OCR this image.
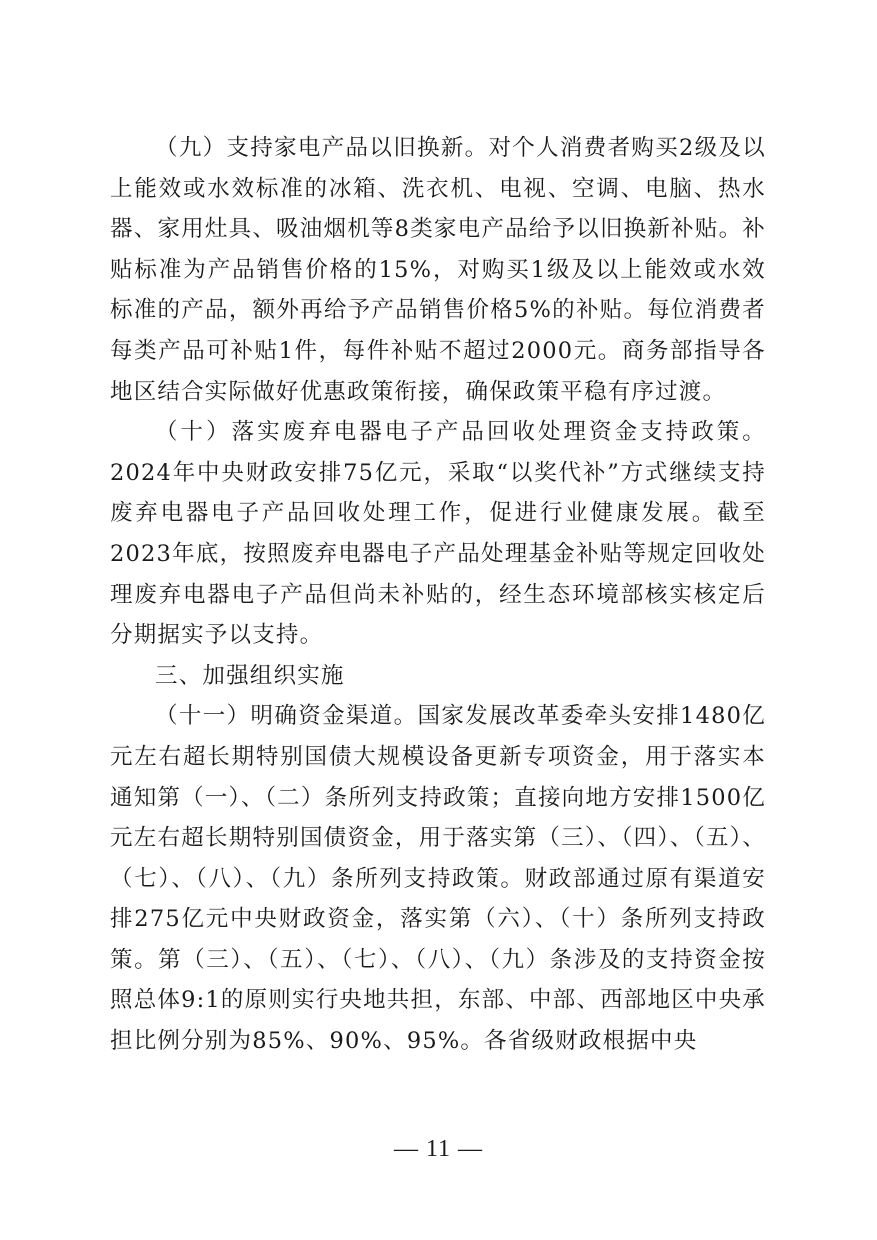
（九）支持家电产品以旧换新。对个人消费者购买2级及以上能效或水效标准的冰箱、洗衣机、电视、空调、电脑、热水器、家用灶具、吸油烟机等8类家电产品给予以旧换新补贴。补贴标准为产品销售价格的15%，对购买1级及以上能效或水效标准的产品，额外再给予产品销售价格5%的补贴。每位消费者每类产品可补贴1件，每件补贴不超过2000元。商务部指导各地区结合实际做好优惠政策衔接，确保政策平稳有序过渡。

（十）落实废弃电器电子产品回收处理资金支持政策。2024年中央财政安排75亿元，采取“以奖代补”方式继续支持废弃电器电子产品回收处理工作，促进行业健康发展。截至2023年底，按照废弃电器电子产品处理基金补贴等规定回收处理废弃电器电子产品但尚未补贴的，经生态环境部核实核定后分期据实予以支持。

三、加强组织实施

（十一）明确资金渠道。国家发展改革委牵头安排1480亿元左右超长期特别国债大规模设备更新专项资金，用于落实本通知第（一）、（二）条所列支持政策；直接向地方安排1500亿元左右超长期特别国债资金，用于落实第（三）、（四）、（五）、（七）、（八）、（九）条所列支持政策。财政部通过原有渠道安排275亿元中央财政资金，落实第（六）、（十）条所列支持政策。第（三）、（五）、（七）、（八）、（九）条涉及的支持资金按照总体9:1的原则实行央地共担，东部、中部、西部地区中央承担比例分别为85%、90%、95%。各省级财政根据中央

— 11 —
